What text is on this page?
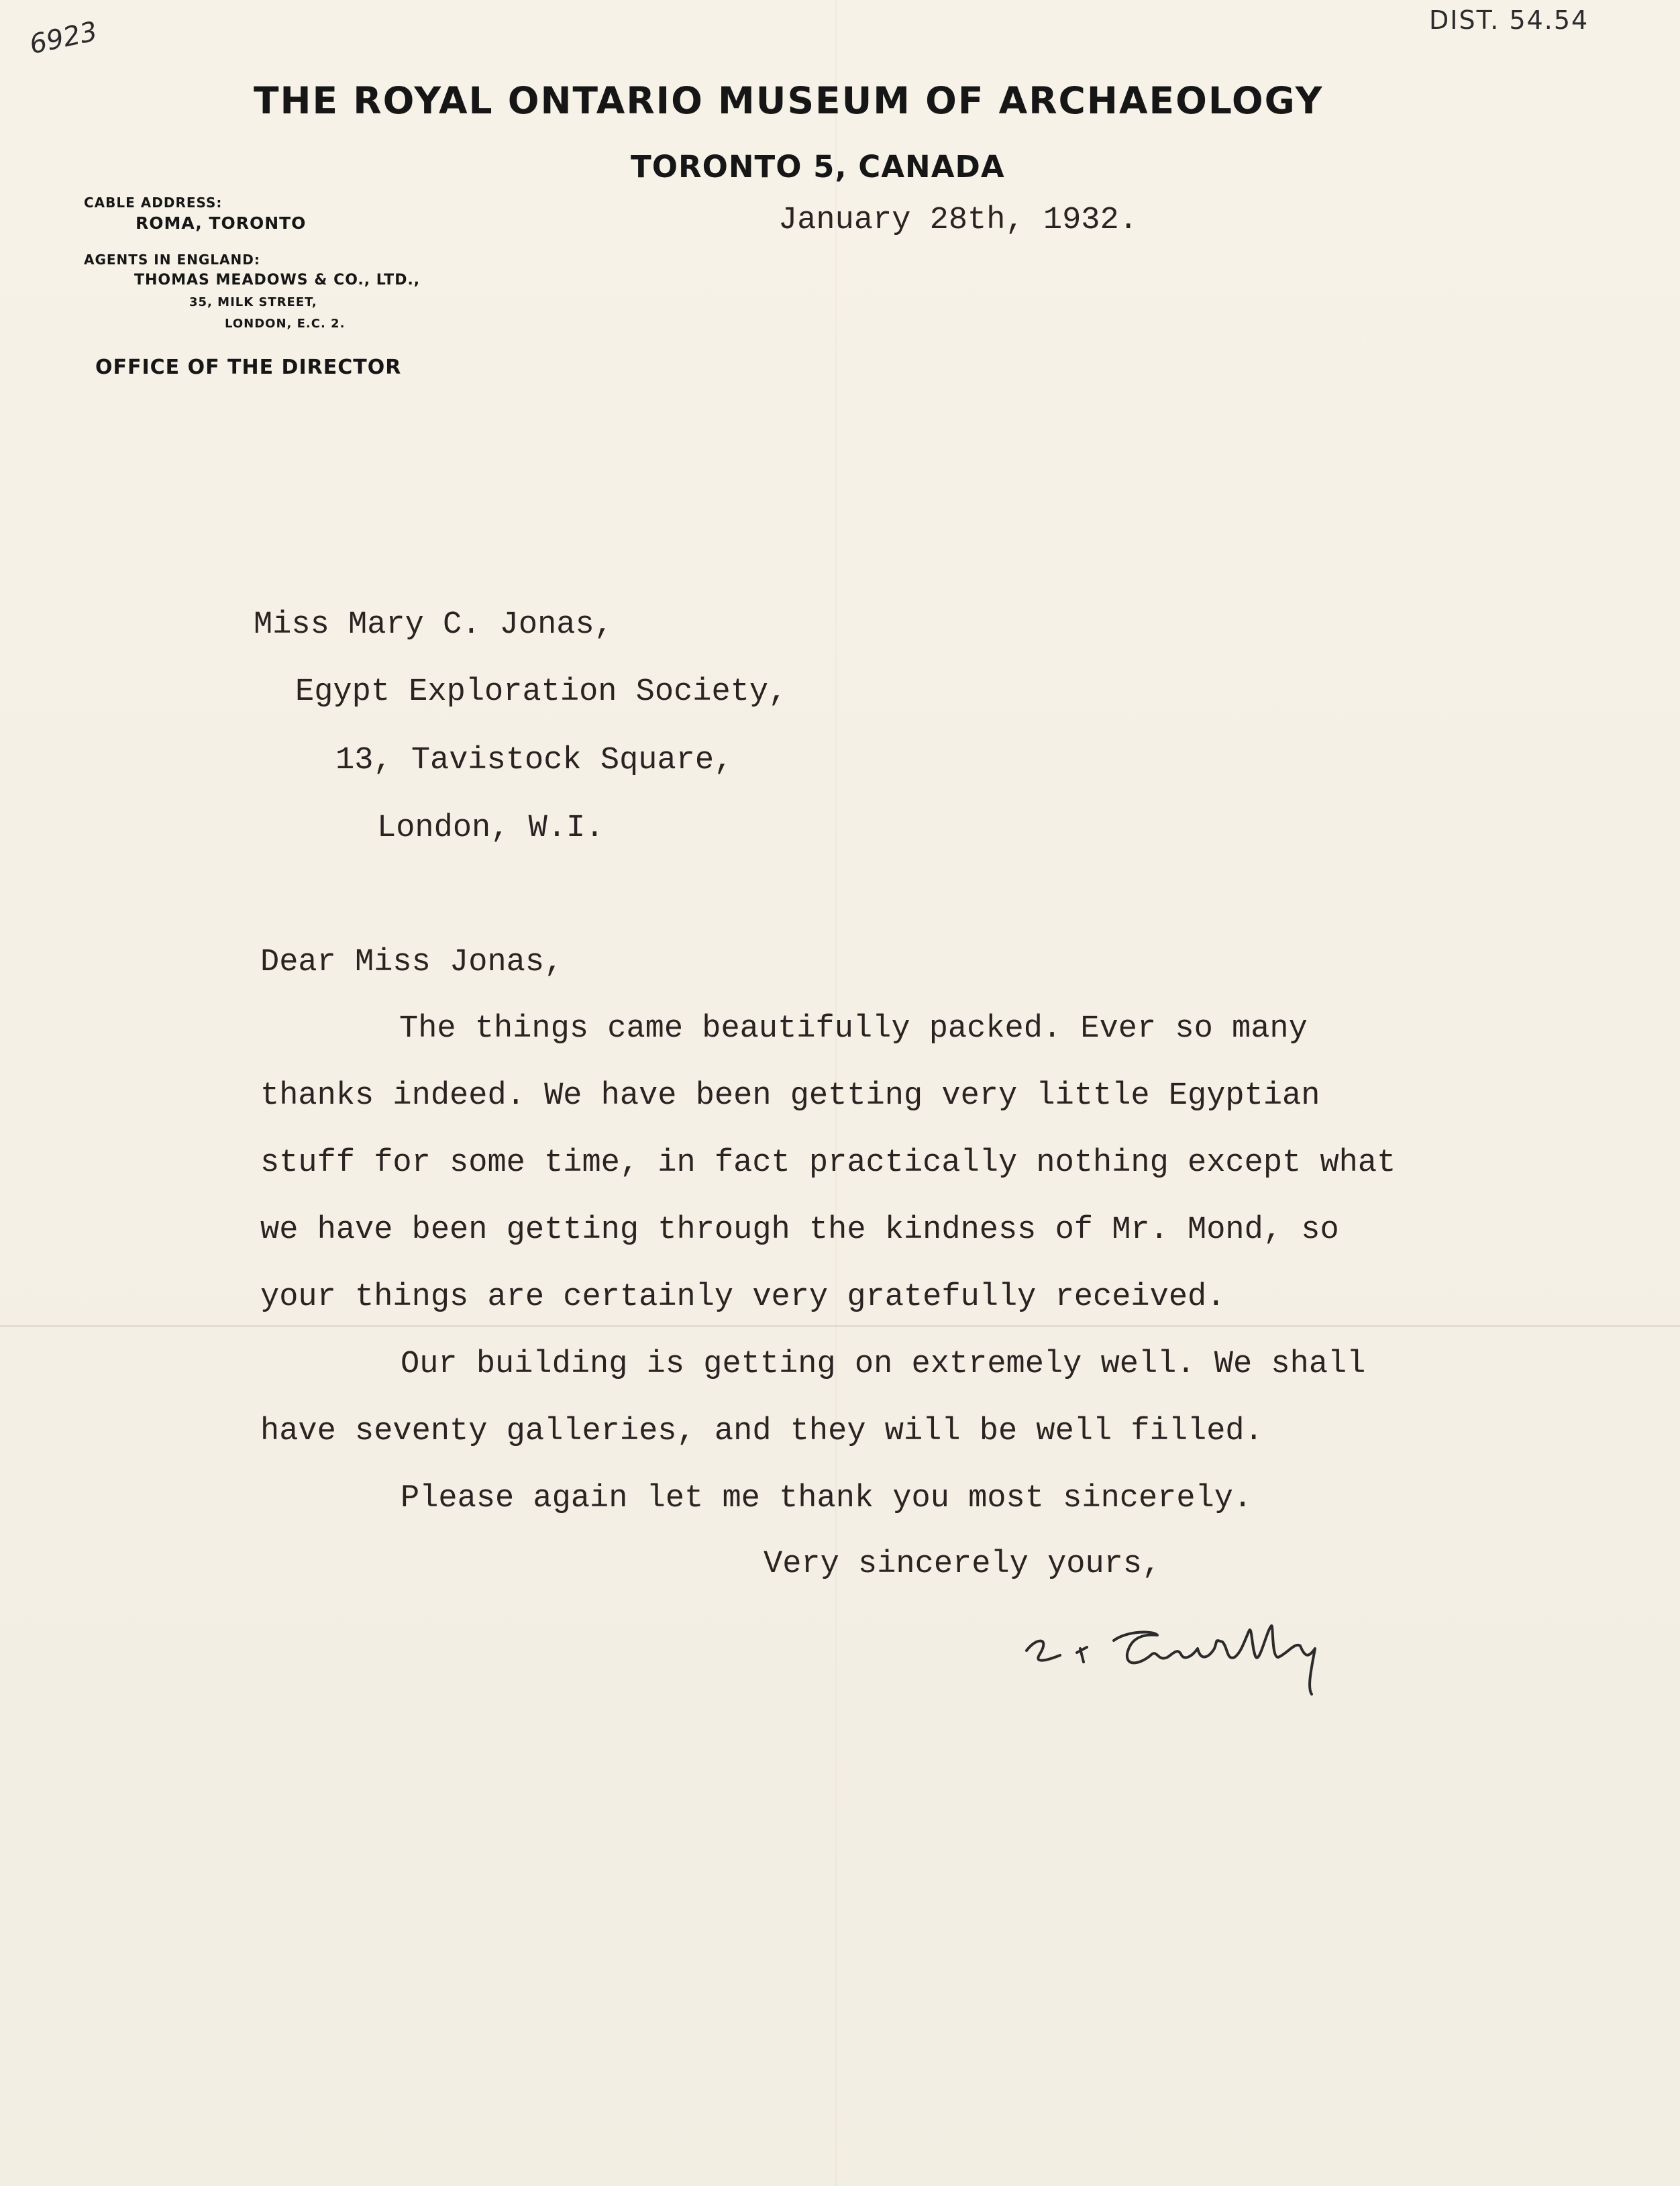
6923	DIST. 54.54
THE ROYAL ONTARIO MUSEUM OF ARCHAEOLOGY
TORONTO 5, CANADA
CABLE ADDRESS:
ROMA, TORONTO
AGENTS IN ENGLAND:
THOMAS MEADOWS & CO., LTD.,
35, MILK STREET,
LONDON, E.C. 2.
OFFICE OF THE DIRECTOR
January 28th, 1932.
Miss Mary C. Jonas,
Egypt Exploration Society,
13, Tavistock Square,
London, W.I.
Dear Miss Jonas,
The things came beautifully packed. Ever so many
thanks indeed. We have been getting very little Egyptian
stuff for some time, in fact practically nothing except what
we have been getting through the kindness of Mr. Mond, so
your things are certainly very gratefully received.
Our building is getting on extremely well. We shall
have seventy galleries, and they will be well filled.
Please again let me thank you most sincerely.
Very sincerely yours,
